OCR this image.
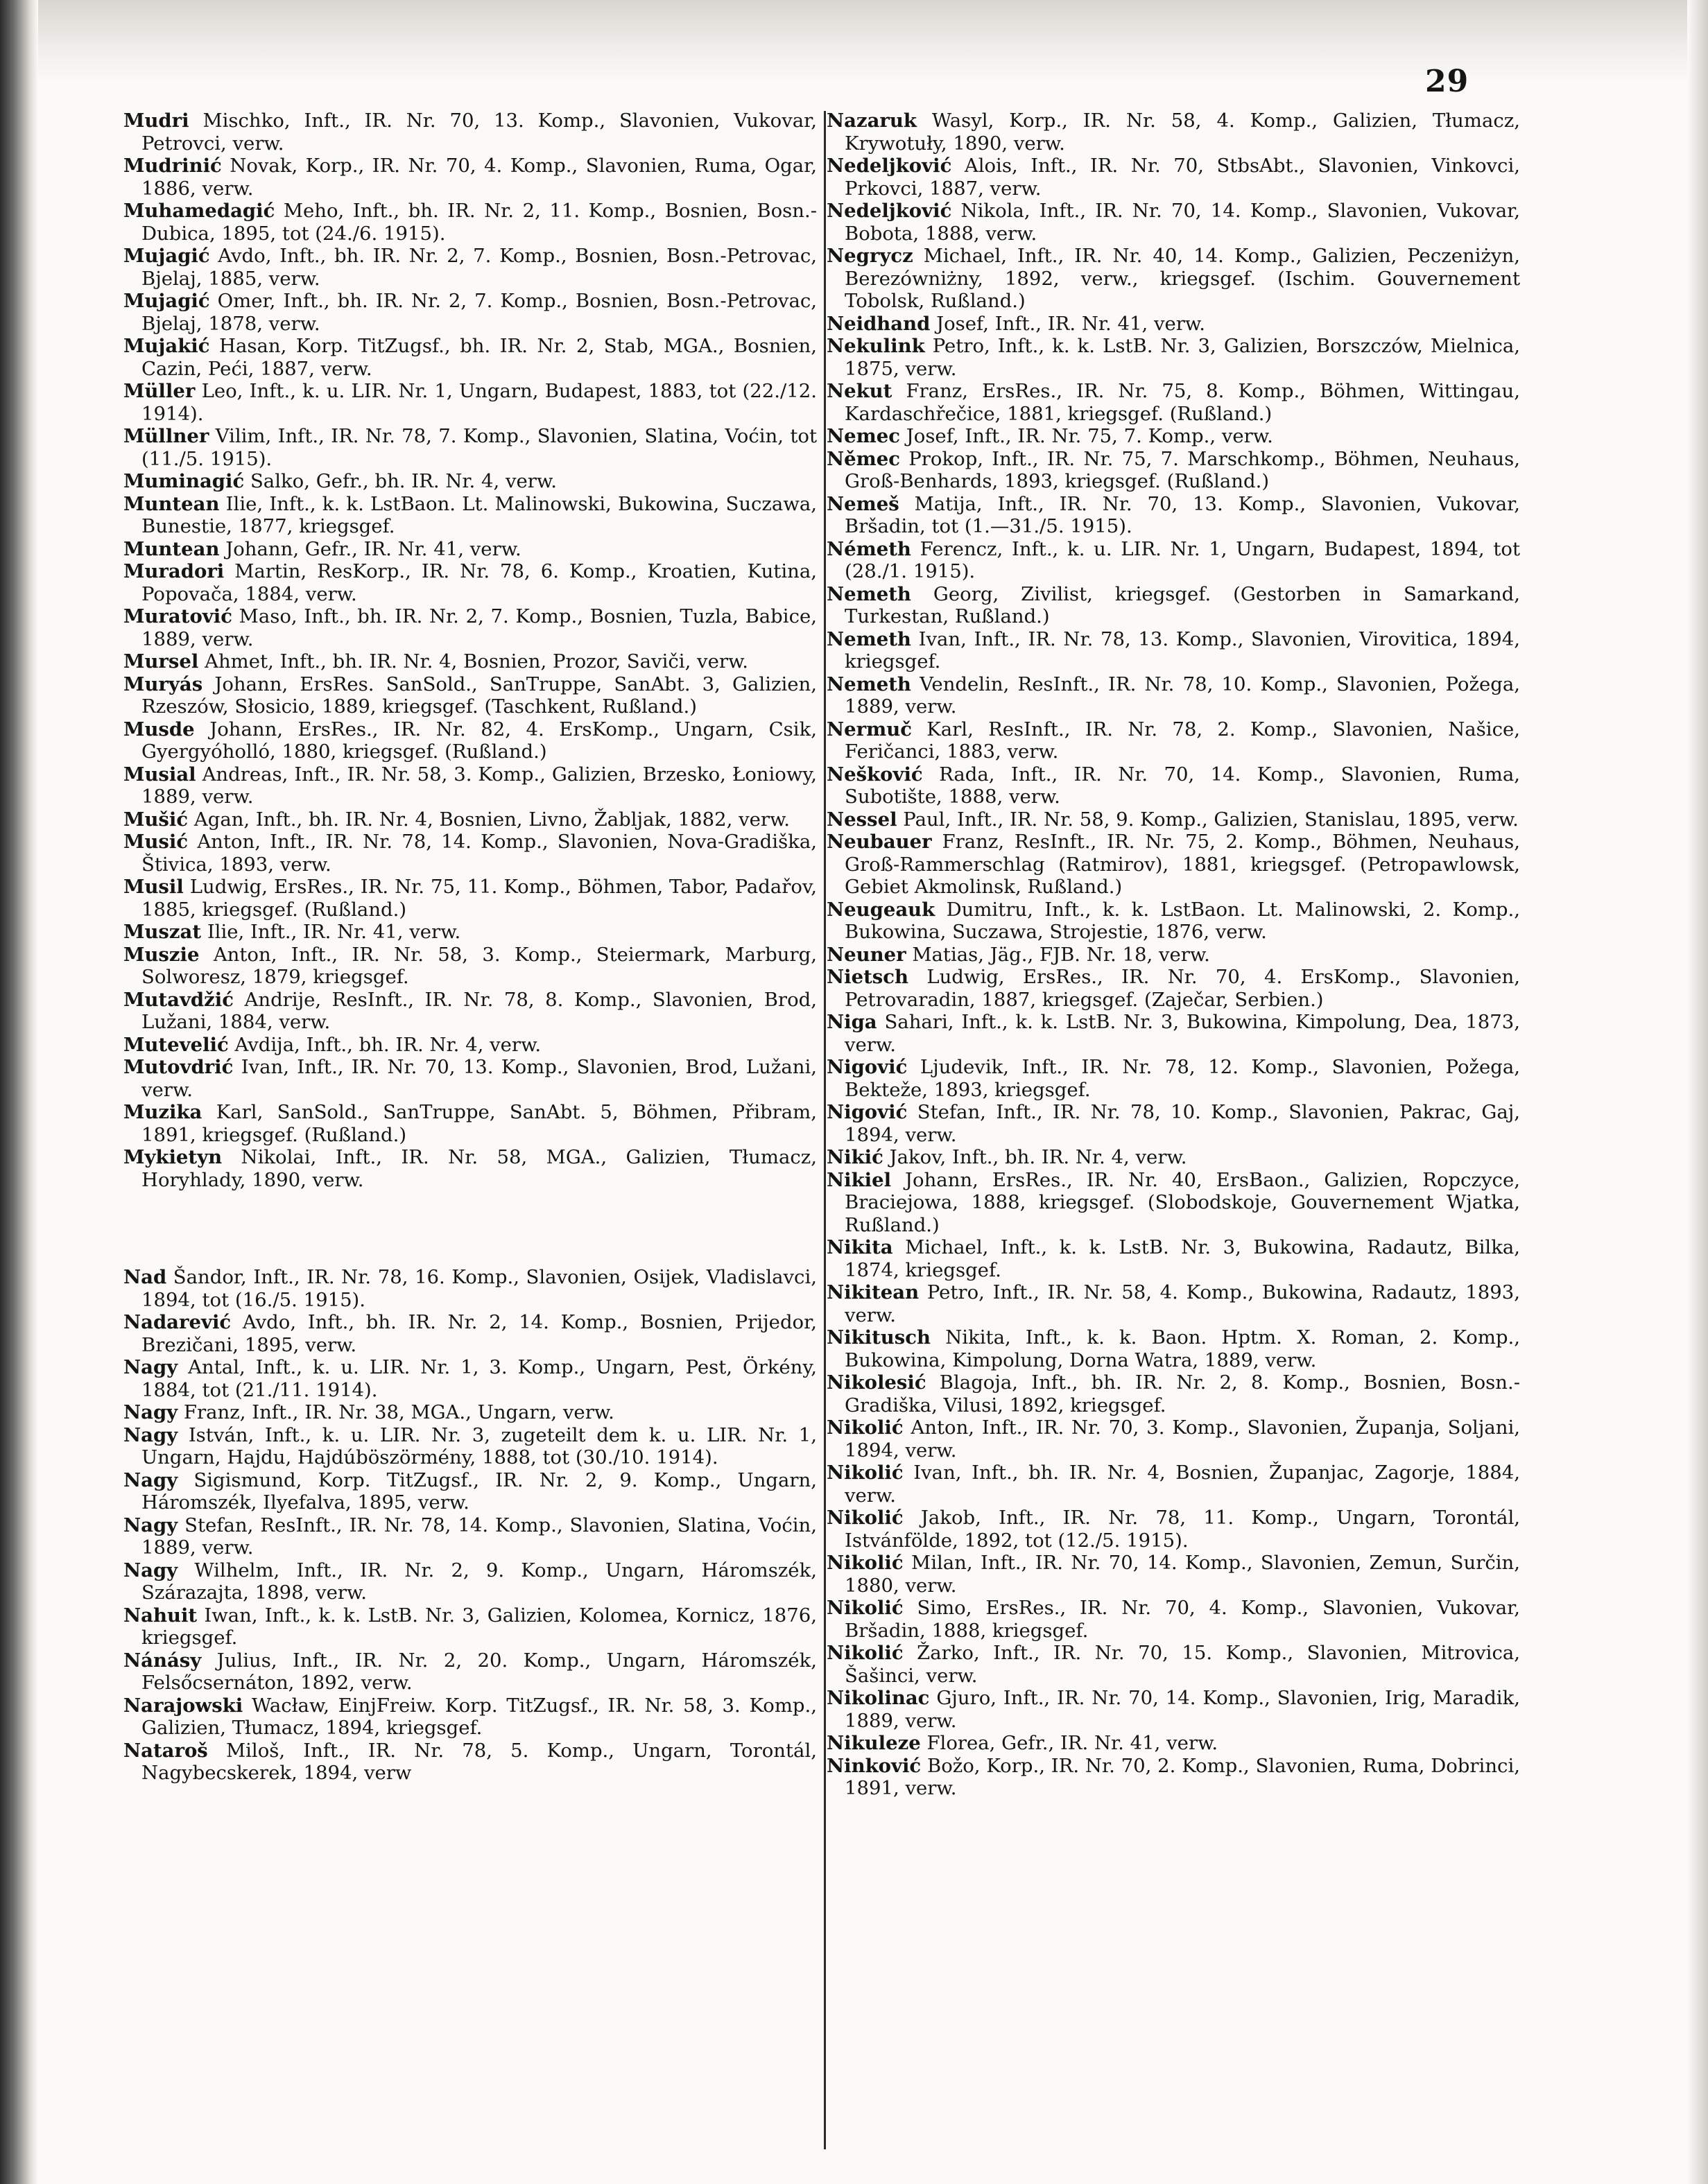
29

Mudri Mischko, Inft., IR. Nr. 70, 13. Komp., Slavonien, Vukovar, Petrovci, verw.

Mudrinić Novak, Korp., IR. Nr. 70, 4. Komp., Slavonien, Ruma, Ogar, 1886, verw.

Muhamedagić Meho, Inft., bh. IR. Nr. 2, 11. Komp., Bosnien, Bosn.-Dubica, 1895, tot (24./6. 1915).

Mujagić Avdo, Inft., bh. IR. Nr. 2, 7. Komp., Bosnien, Bosn.-Petrovac, Bjelaj, 1885, verw.

Mujagić Omer, Inft., bh. IR. Nr. 2, 7. Komp., Bosnien, Bosn.-Petrovac, Bjelaj, 1878, verw.

Mujakić Hasan, Korp. TitZugsf., bh. IR. Nr. 2, Stab, MGA., Bosnien, Cazin, Peći, 1887, verw.

Müller Leo, Inft., k. u. LIR. Nr. 1, Ungarn, Budapest, 1883, tot (22./12. 1914).

Müllner Vilim, Inft., IR. Nr. 78, 7. Komp., Slavonien, Slatina, Voćin, tot (11./5. 1915).

Muminagić Salko, Gefr., bh. IR. Nr. 4, verw.

Muntean Ilie, Inft., k. k. LstBaon. Lt. Malinowski, Bukowina, Suczawa, Bunestie, 1877, kriegsgef.

Muntean Johann, Gefr., IR. Nr. 41, verw.

Muradori Martin, ResKorp., IR. Nr. 78, 6. Komp., Kroatien, Kutina, Popovača, 1884, verw.

Muratović Maso, Inft., bh. IR. Nr. 2, 7. Komp., Bosnien, Tuzla, Babice, 1889, verw.

Mursel Ahmet, Inft., bh. IR. Nr. 4, Bosnien, Prozor, Saviči, verw.

Muryás Johann, ErsRes. SanSold., SanTruppe, SanAbt. 3, Galizien, Rzeszów, Słosicio, 1889, kriegsgef. (Taschkent, Rußland.)

Musde Johann, ErsRes., IR. Nr. 82, 4. ErsKomp., Ungarn, Csik, Gyergyóholló, 1880, kriegsgef. (Rußland.)

Musial Andreas, Inft., IR. Nr. 58, 3. Komp., Galizien, Brzesko, Łoniowy, 1889, verw.

Mušić Agan, Inft., bh. IR. Nr. 4, Bosnien, Livno, Žabljak, 1882, verw.

Musić Anton, Inft., IR. Nr. 78, 14. Komp., Slavonien, Nova-Gradiška, Štivica, 1893, verw.

Musil Ludwig, ErsRes., IR. Nr. 75, 11. Komp., Böhmen, Tabor, Padařov, 1885, kriegsgef. (Rußland.)

Muszat Ilie, Inft., IR. Nr. 41, verw.

Muszie Anton, Inft., IR. Nr. 58, 3. Komp., Steiermark, Marburg, Solworesz, 1879, kriegsgef.

Mutavdžić Andrije, ResInft., IR. Nr. 78, 8. Komp., Slavonien, Brod, Lužani, 1884, verw.

Mutevelić Avdija, Inft., bh. IR. Nr. 4, verw.

Mutovdrić Ivan, Inft., IR. Nr. 70, 13. Komp., Slavonien, Brod, Lužani, verw.

Muzika Karl, SanSold., SanTruppe, SanAbt. 5, Böhmen, Přibram, 1891, kriegsgef. (Rußland.)

Mykietyn Nikolai, Inft., IR. Nr. 58, MGA., Galizien, Tłumacz, Horyhlady, 1890, verw.

Nad Šandor, Inft., IR. Nr. 78, 16. Komp., Slavonien, Osijek, Vladislavci, 1894, tot (16./5. 1915).

Nadarević Avdo, Inft., bh. IR. Nr. 2, 14. Komp., Bosnien, Prijedor, Brezičani, 1895, verw.

Nagy Antal, Inft., k. u. LIR. Nr. 1, 3. Komp., Ungarn, Pest, Örkény, 1884, tot (21./11. 1914).

Nagy Franz, Inft., IR. Nr. 38, MGA., Ungarn, verw.

Nagy István, Inft., k. u. LIR. Nr. 3, zugeteilt dem k. u. LIR. Nr. 1, Ungarn, Hajdu, Hajdúböszörmény, 1888, tot (30./10. 1914).

Nagy Sigismund, Korp. TitZugsf., IR. Nr. 2, 9. Komp., Ungarn, Háromszék, Ilyefalva, 1895, verw.

Nagy Stefan, ResInft., IR. Nr. 78, 14. Komp., Slavonien, Slatina, Voćin, 1889, verw.

Nagy Wilhelm, Inft., IR. Nr. 2, 9. Komp., Ungarn, Háromszék, Szárazajta, 1898, verw.

Nahuit Iwan, Inft., k. k. LstB. Nr. 3, Galizien, Kolomea, Kornicz, 1876, kriegsgef.

Nánásy Julius, Inft., IR. Nr. 2, 20. Komp., Ungarn, Háromszék, Felsőcsernáton, 1892, verw.

Narajowski Wacław, EinjFreiw. Korp. TitZugsf., IR. Nr. 58, 3. Komp., Galizien, Tłumacz, 1894, kriegsgef.

Nataroš Miloš, Inft., IR. Nr. 78, 5. Komp., Ungarn, Torontál, Nagybecskerek, 1894, verw

Nazaruk Wasyl, Korp., IR. Nr. 58, 4. Komp., Galizien, Tłumacz, Krywotuły, 1890, verw.

Nedeljković Alois, Inft., IR. Nr. 70, StbsAbt., Slavonien, Vinkovci, Prkovci, 1887, verw.

Nedeljković Nikola, Inft., IR. Nr. 70, 14. Komp., Slavonien, Vukovar, Bobota, 1888, verw.

Negrycz Michael, Inft., IR. Nr. 40, 14. Komp., Galizien, Peczeniżyn, Berezówniżny, 1892, verw., kriegsgef. (Ischim. Gouvernement Tobolsk, Rußland.)

Neidhand Josef, Inft., IR. Nr. 41, verw.

Nekulink Petro, Inft., k. k. LstB. Nr. 3, Galizien, Borszczów, Mielnica, 1875, verw.

Nekut Franz, ErsRes., IR. Nr. 75, 8. Komp., Böhmen, Wittingau, Kardaschřečice, 1881, kriegsgef. (Rußland.)

Nemec Josef, Inft., IR. Nr. 75, 7. Komp., verw.

Němec Prokop, Inft., IR. Nr. 75, 7. Marschkomp., Böhmen, Neuhaus, Groß-Benhards, 1893, kriegsgef. (Rußland.)

Nemeš Matija, Inft., IR. Nr. 70, 13. Komp., Slavonien, Vukovar, Bršadin, tot (1.—31./5. 1915).

Németh Ferencz, Inft., k. u. LIR. Nr. 1, Ungarn, Budapest, 1894, tot (28./1. 1915).

Nemeth Georg, Zivilist, kriegsgef. (Gestorben in Samarkand, Turkestan, Rußland.)

Nemeth Ivan, Inft., IR. Nr. 78, 13. Komp., Slavonien, Virovitica, 1894, kriegsgef.

Nemeth Vendelin, ResInft., IR. Nr. 78, 10. Komp., Slavonien, Požega, 1889, verw.

Nermuč Karl, ResInft., IR. Nr. 78, 2. Komp., Slavonien, Našice, Feričanci, 1883, verw.

Nešković Rada, Inft., IR. Nr. 70, 14. Komp., Slavonien, Ruma, Subotište, 1888, verw.

Nessel Paul, Inft., IR. Nr. 58, 9. Komp., Galizien, Stanislau, 1895, verw.

Neubauer Franz, ResInft., IR. Nr. 75, 2. Komp., Böhmen, Neuhaus, Groß-Rammerschlag (Ratmirov), 1881, kriegsgef. (Petropawlowsk, Gebiet Akmolinsk, Rußland.)

Neugeauk Dumitru, Inft., k. k. LstBaon. Lt. Malinowski, 2. Komp., Bukowina, Suczawa, Strojestie, 1876, verw.

Neuner Matias, Jäg., FJB. Nr. 18, verw.

Nietsch Ludwig, ErsRes., IR. Nr. 70, 4. ErsKomp., Slavonien, Petrovaradin, 1887, kriegsgef. (Zaječar, Serbien.)

Niga Sahari, Inft., k. k. LstB. Nr. 3, Bukowina, Kimpolung, Dea, 1873, verw.

Nigović Ljudevik, Inft., IR. Nr. 78, 12. Komp., Slavonien, Požega, Bekteže, 1893, kriegsgef.

Nigović Stefan, Inft., IR. Nr. 78, 10. Komp., Slavonien, Pakrac, Gaj, 1894, verw.

Nikić Jakov, Inft., bh. IR. Nr. 4, verw.

Nikiel Johann, ErsRes., IR. Nr. 40, ErsBaon., Galizien, Ropczyce, Braciejowa, 1888, kriegsgef. (Slobodskoje, Gouvernement Wjatka, Rußland.)

Nikita Michael, Inft., k. k. LstB. Nr. 3, Bukowina, Radautz, Bilka, 1874, kriegsgef.

Nikitean Petro, Inft., IR. Nr. 58, 4. Komp., Bukowina, Radautz, 1893, verw.

Nikitusch Nikita, Inft., k. k. Baon. Hptm. X. Roman, 2. Komp., Bukowina, Kimpolung, Dorna Watra, 1889, verw.

Nikolesić Blagoja, Inft., bh. IR. Nr. 2, 8. Komp., Bosnien, Bosn.-Gradiška, Vilusi, 1892, kriegsgef.

Nikolić Anton, Inft., IR. Nr. 70, 3. Komp., Slavonien, Županja, Soljani, 1894, verw.

Nikolić Ivan, Inft., bh. IR. Nr. 4, Bosnien, Županjac, Zagorje, 1884, verw.

Nikolić Jakob, Inft., IR. Nr. 78, 11. Komp., Ungarn, Torontál, Istvánfölde, 1892, tot (12./5. 1915).

Nikolić Milan, Inft., IR. Nr. 70, 14. Komp., Slavonien, Zemun, Surčin, 1880, verw.

Nikolić Simo, ErsRes., IR. Nr. 70, 4. Komp., Slavonien, Vukovar, Bršadin, 1888, kriegsgef.

Nikolić Žarko, Inft., IR. Nr. 70, 15. Komp., Slavonien, Mitrovica, Šašinci, verw.

Nikolinac Gjuro, Inft., IR. Nr. 70, 14. Komp., Slavonien, Irig, Maradik, 1889, verw.

Nikuleze Florea, Gefr., IR. Nr. 41, verw.

Ninković Božo, Korp., IR. Nr. 70, 2. Komp., Slavonien, Ruma, Dobrinci, 1891, verw.
